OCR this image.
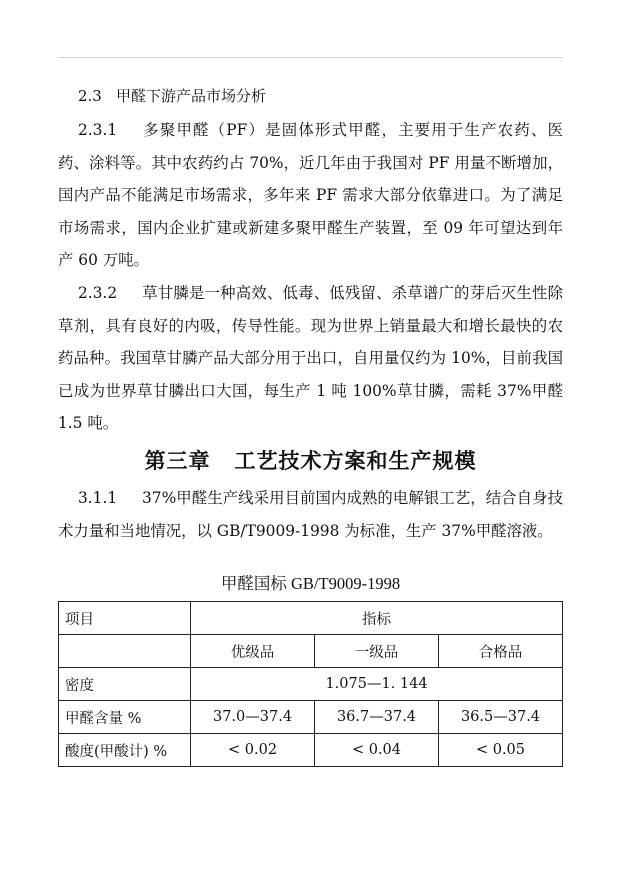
2.3 甲醛下游产品市场分析

2.3.1 多聚甲醛（PF）是固体形式甲醛，主要用于生产农药、医药、涂料等。其中农药约占 70%，近几年由于我国对 PF 用量不断增加，国内产品不能满足市场需求，多年来 PF 需求大部分依靠进口。为了满足市场需求，国内企业扩建或新建多聚甲醛生产装置，至 09 年可望达到年产 60 万吨。

2.3.2 草甘膦是一种高效、低毒、低残留、杀草谱广的芽后灭生性除草剂，具有良好的内吸，传导性能。现为世界上销量最大和增长最快的农药品种。我国草甘膦产品大部分用于出口，自用量仅约为 10%，目前我国已成为世界草甘膦出口大国，每生产 1 吨 100%草甘膦，需耗 37%甲醛 1.5 吨。

第三章 工艺技术方案和生产规模

3.1.1 37%甲醛生产线采用目前国内成熟的电解银工艺，结合自身技术力量和当地情况，以 GB/T9009-1998 为标准，生产 37%甲醛溶液。

甲醛国标 GB/T9009-1998
项目	指标		
	优级品	一级品	合格品
密度	1.075—1. 144		
甲醛含量 %	37.0—37.4	36.7—37.4	36.5—37.4
酸度(甲酸计) %	< 0.02	< 0.04	< 0.05
